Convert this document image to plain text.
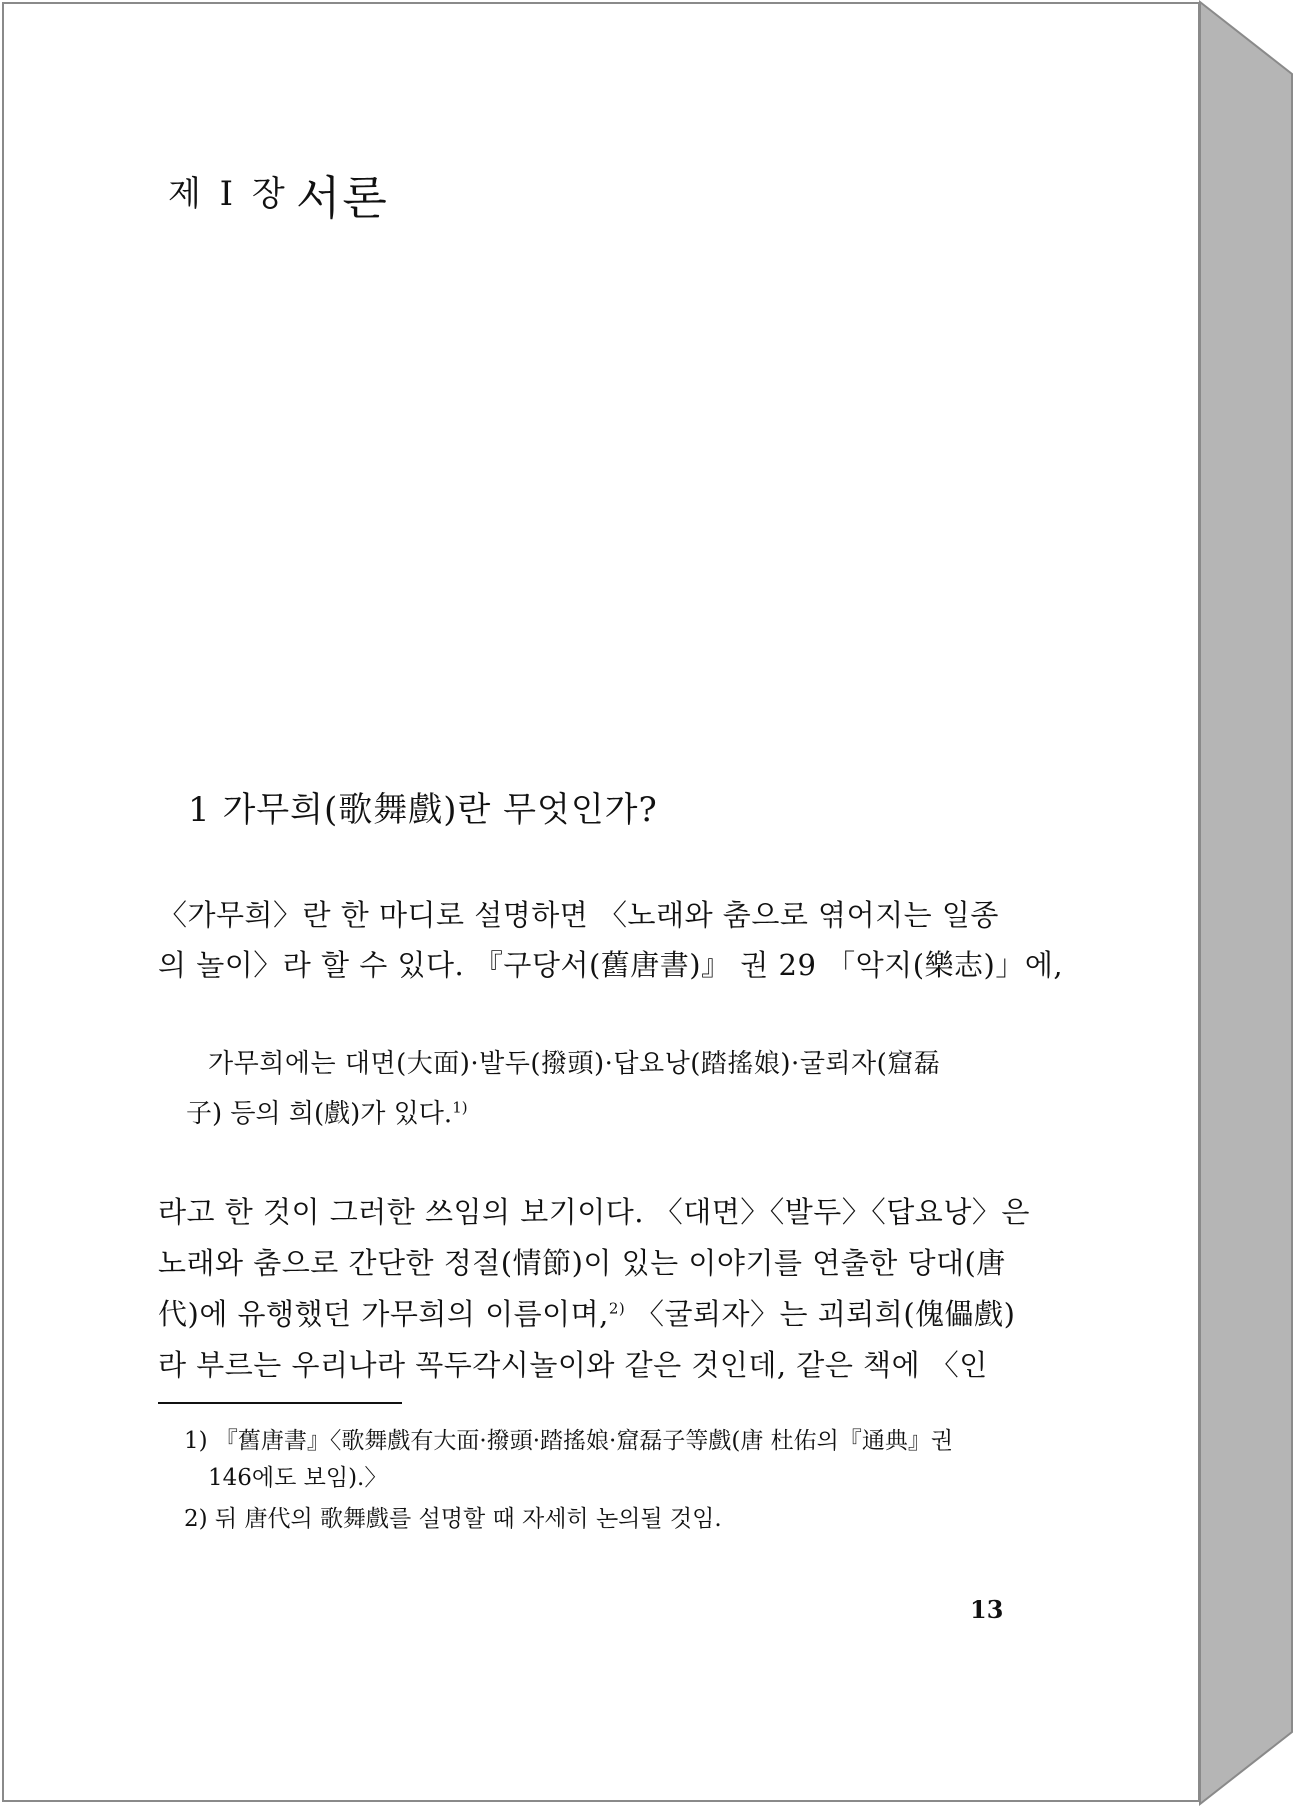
제 I 장 서론
1 가무희(歌舞戲)란 무엇인가?
〈가무희〉란 한 마디로 설명하면 〈노래와 춤으로 엮어지는 일종
의 놀이〉라 할 수 있다. 『구당서(舊唐書)』 권 29 「악지(樂志)」에,
가무희에는 대면(大面)·발두(撥頭)·답요낭(踏搖娘)·굴뢰자(窟磊
子) 등의 희(戲)가 있다.$^{1)}$
라고 한 것이 그러한 쓰임의 보기이다. 〈대면〉〈발두〉〈답요낭〉은
노래와 춤으로 간단한 정절(情節)이 있는 이야기를 연출한 당대(唐
代)에 유행했던 가무희의 이름이며,$^{2)}$ 〈굴뢰자〉는 괴뢰희(傀儡戲)
라 부르는 우리나라 꼭두각시놀이와 같은 것인데, 같은 책에 〈인
1) 『舊唐書』〈歌舞戲有大面·撥頭·踏搖娘·窟磊子等戲(唐 杜佑의『通典』권
146에도 보임).〉
2) 뒤 唐代의 歌舞戲를 설명할 때 자세히 논의될 것임.
13
